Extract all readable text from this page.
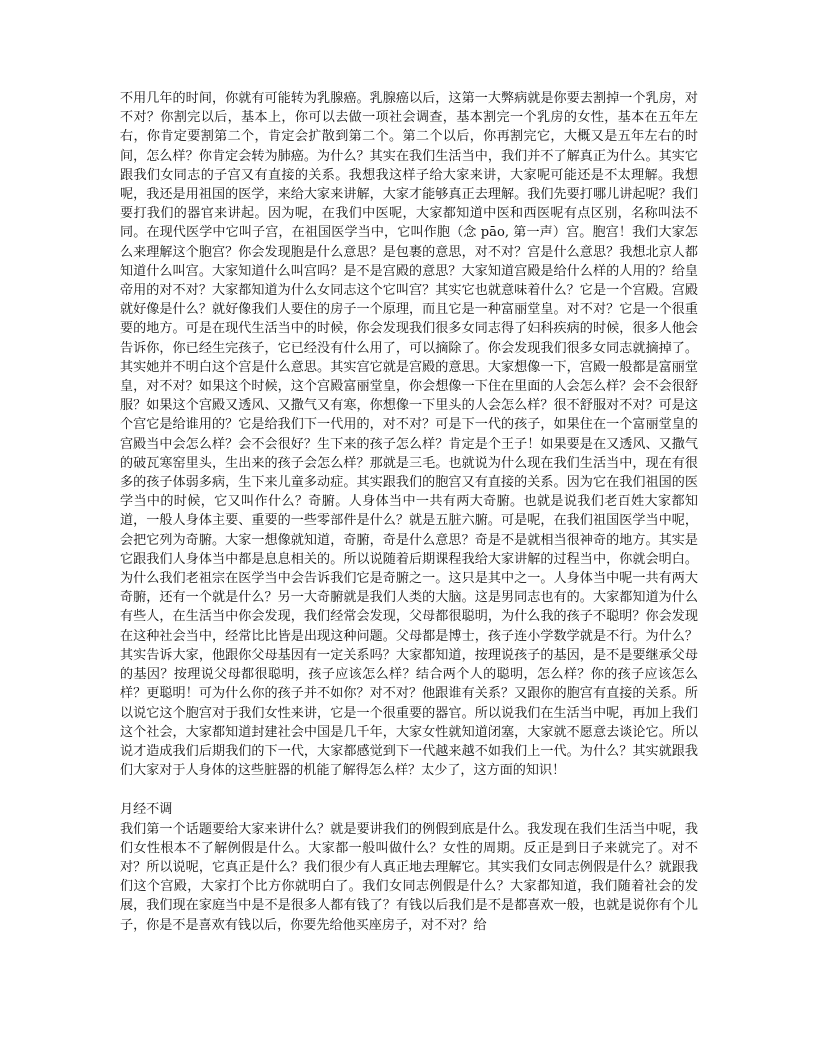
不用几年的时间，你就有可能转为乳腺癌。乳腺癌以后，这第一大弊病就是你要去割掉一个乳房，对不对？你割完以后，基本上，你可以去做一项社会调查，基本割完一个乳房的女性，基本在五年左右，你肯定要割第二个，肯定会扩散到第二个。第二个以后，你再割完它，大概又是五年左右的时间，怎么样？你肯定会转为肺癌。为什么？其实在我们生活当中，我们并不了解真正为什么。其实它跟我们女同志的子宫又有直接的关系。我想我这样子给大家来讲，大家呢可能还是不太理解。我想呢，我还是用祖国的医学，来给大家来讲解，大家才能够真正去理解。我们先要打哪儿讲起呢？我们要打我们的器官来讲起。因为呢，在我们中医呢，大家都知道中医和西医呢有点区别，名称叫法不同。在现代医学中它叫子宫，在祖国医学当中，它叫作胞（念 pāo, 第一声）宫。胞宫！我们大家怎么来理解这个胞宫？你会发现胞是什么意思？是包裹的意思，对不对？宫是什么意思？我想北京人都知道什么叫宫。大家知道什么叫宫吗？是不是宫殿的意思？大家知道宫殿是给什么样的人用的？给皇帝用的对不对？大家都知道为什么女同志这个它叫宫？其实它也就意味着什么？它是一个宫殿。宫殿就好像是什么？就好像我们人要住的房子一个原理，而且它是一种富丽堂皇。对不对？它是一个很重要的地方。可是在现代生活当中的时候，你会发现我们很多女同志得了妇科疾病的时候，很多人他会告诉你，你已经生完孩子，它已经没有什么用了，可以摘除了。你会发现我们很多女同志就摘掉了。其实她并不明白这个宫是什么意思。其实宫它就是宫殿的意思。大家想像一下，宫殿一般都是富丽堂皇，对不对？如果这个时候，这个宫殿富丽堂皇，你会想像一下住在里面的人会怎么样？会不会很舒服？如果这个宫殿又透风、又撒气又有寒，你想像一下里头的人会怎么样？很不舒服对不对？可是这个宫它是给谁用的？它是给我们下一代用的，对不对？可是下一代的孩子，如果住在一个富丽堂皇的宫殿当中会怎么样？会不会很好？生下来的孩子怎么样？肯定是个王子！如果要是在又透风、又撒气的破瓦寒窑里头，生出来的孩子会怎么样？那就是三毛。也就说为什么现在我们生活当中，现在有很多的孩子体弱多病，生下来儿童多动症。其实跟我们的胞宫又有直接的关系。因为它在我们祖国的医学当中的时候，它又叫作什么？奇腑。人身体当中一共有两大奇腑。也就是说我们老百姓大家都知道，一般人身体主要、重要的一些零部件是什么？就是五脏六腑。可是呢，在我们祖国医学当中呢，会把它列为奇腑。大家一想像就知道，奇腑，奇是什么意思？奇是不是就相当很神奇的地方。其实是它跟我们人身体当中都是息息相关的。所以说随着后期课程我给大家讲解的过程当中，你就会明白。为什么我们老祖宗在医学当中会告诉我们它是奇腑之一。这只是其中之一。人身体当中呢一共有两大奇腑，还有一个就是什么？另一大奇腑就是我们人类的大脑。这是男同志也有的。大家都知道为什么有些人，在生活当中你会发现，我们经常会发现，父母都很聪明，为什么我的孩子不聪明？你会发现在这种社会当中，经常比比皆是出现这种问题。父母都是博士，孩子连小学数学就是不行。为什么？其实告诉大家，他跟你父母基因有一定关系吗？大家都知道，按理说孩子的基因，是不是要继承父母的基因？按理说父母都很聪明，孩子应该怎么样？结合两个人的聪明，怎么样？你的孩子应该怎么样？更聪明！可为什么你的孩子并不如你？对不对？他跟谁有关系？又跟你的胞宫有直接的关系。所以说它这个胞宫对于我们女性来讲，它是一个很重要的器官。所以说我们在生活当中呢，再加上我们这个社会，大家都知道封建社会中国是几千年，大家女性就知道闭塞，大家就不愿意去谈论它。所以说才造成我们后期我们的下一代，大家都感觉到下一代越来越不如我们上一代。为什么？其实就跟我们大家对于人身体的这些脏器的机能了解得怎么样？太少了，这方面的知识！

月经不调

我们第一个话题要给大家来讲什么？就是要讲我们的例假到底是什么。我发现在我们生活当中呢，我们女性根本不了解例假是什么。大家都一般叫做什么？女性的周期。反正是到日子来就完了。对不对？所以说呢，它真正是什么？我们很少有人真正地去理解它。其实我们女同志例假是什么？就跟我们这个宫殿，大家打个比方你就明白了。我们女同志例假是什么？大家都知道，我们随着社会的发展，我们现在家庭当中是不是很多人都有钱了？有钱以后我们是不是都喜欢一般，也就是说你有个儿子，你是不是喜欢有钱以后，你要先给他买座房子，对不对？给
